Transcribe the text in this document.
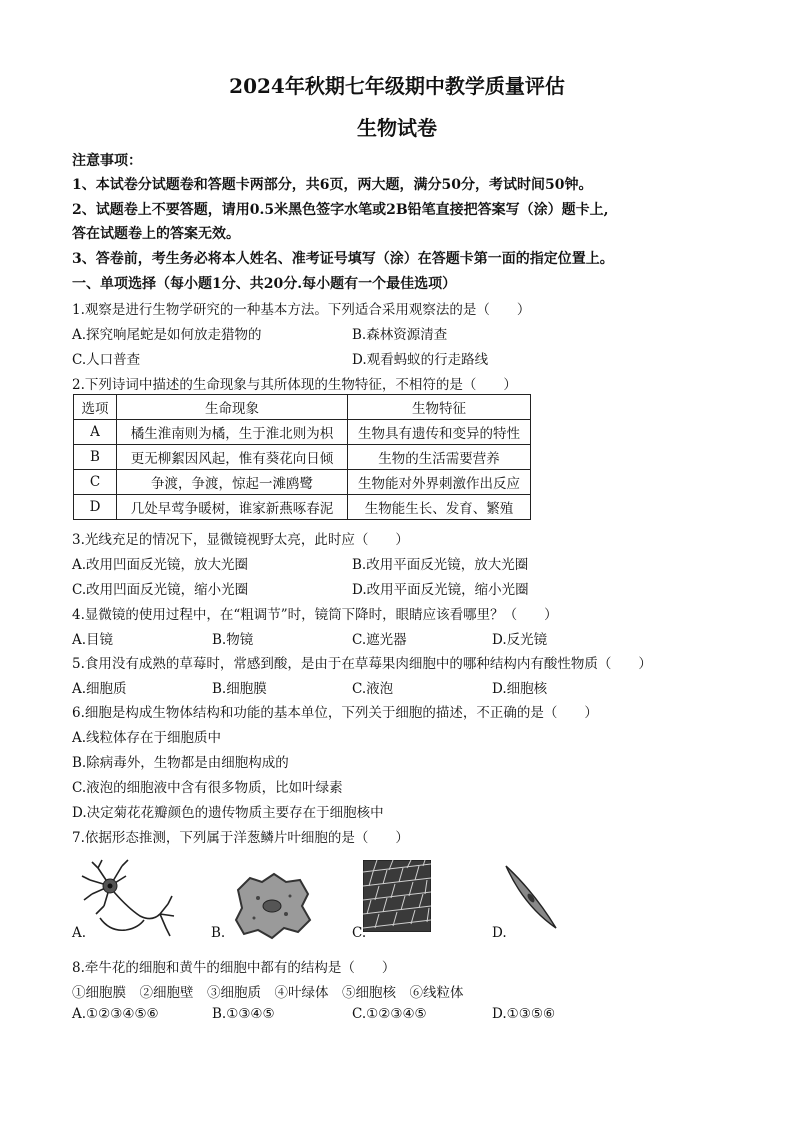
2024年秋期七年级期中教学质量评估
生物试卷
注意事项：
1、本试卷分试题卷和答题卡两部分，共6页，两大题，满分50分，考试时间50钟。
2、试题卷上不要答题，请用0.5米黑色签字水笔或2B铅笔直接把答案写（涂）题卡上,
答在试题卷上的答案无效。
3、答卷前，考生务必将本人姓名、准考证号填写（涂）在答题卡第一面的指定位置上。
一、单项选择（每小题1分、共20分.每小题有一个最佳选项）
1.观察是进行生物学研究的一种基本方法。下列适合采用观察法的是（　　）
A.探究响尾蛇是如何放走猎物的	B.森林资源清查
C.人口普查	D.观看蚂蚁的行走路线
2.下列诗词中描述的生命现象与其所体现的生物特征，不相符的是（　　）
选项	生命现象	生物特征
A	橘生淮南则为橘，生于淮北则为枳	生物具有遗传和变异的特性
B	更无柳絮因风起，惟有葵花向日倾	生物的生活需要营养
C	争渡，争渡，惊起一滩鸥鹭	生物能对外界刺激作出反应
D	几处早莺争暖树，谁家新燕啄春泥	生物能生长、发育、繁殖
3.光线充足的情况下，显微镜视野太亮，此时应（　　）
A.改用凹面反光镜，放大光圈	B.改用平面反光镜，放大光圈
C.改用凹面反光镜，缩小光圈	D.改用平面反光镜，缩小光圈
4.显微镜的使用过程中，在“粗调节”时，镜筒下降时，眼睛应该看哪里？（　　）
A.目镜	B.物镜	C.遮光器	D.反光镜
5.食用没有成熟的草莓时，常感到酸，是由于在草莓果肉细胞中的哪种结构内有酸性物质（　　）
A.细胞质	B.细胞膜	C.液泡	D.细胞核
6.细胞是构成生物体结构和功能的基本单位，下列关于细胞的描述，不正确的是（　　）
A.线粒体存在于细胞质中
B.除病毒外，生物都是由细胞构成的
C.液泡的细胞液中含有很多物质，比如叶绿素
D.决定菊花花瓣颜色的遗传物质主要存在于细胞核中
7.依据形态推测，下列属于洋葱鳞片叶细胞的是（　　）
A.	B.	C.	D.
8.牵牛花的细胞和黄牛的细胞中都有的结构是（　　）
①细胞膜　②细胞壁　③细胞质　④叶绿体　⑤细胞核　⑥线粒体
A.①②③④⑤⑥	B.①③④⑤	C.①②③④⑤	D.①③⑤⑥
